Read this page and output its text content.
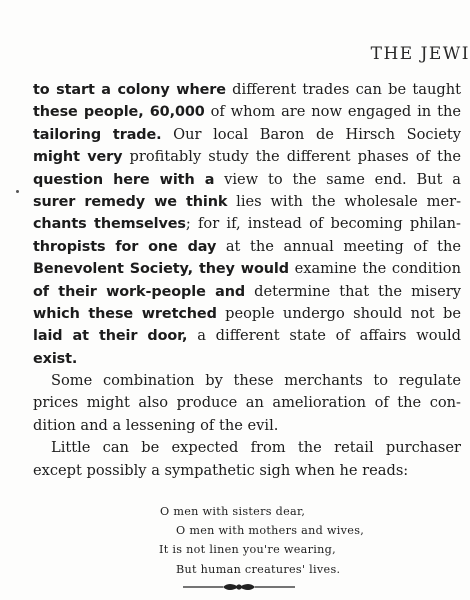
THE JEWI
to start a colony where different trades can be taught
these people, 60,000 of whom are now engaged in the
tailoring trade. Our local Baron de Hirsch Society
might very profitably study the different phases of the
question here with a view to the same end. But a
surer remedy we think lies with the wholesale mer-
chants themselves; for if, instead of becoming philan-
thropists for one day at the annual meeting of the
Benevolent Society, they would examine the condition
of their work-people and determine that the misery
which these wretched people undergo should not be
laid at their door, a different state of affairs would
exist.
Some combination by these merchants to regulate
prices might also produce an amelioration of the con-
dition and a lessening of the evil.
Little can be expected from the retail purchaser
except possibly a sympathetic sigh when he reads:
O men with sisters dear,
O men with mothers and wives,
It is not linen you're wearing,
But human creatures' lives.
